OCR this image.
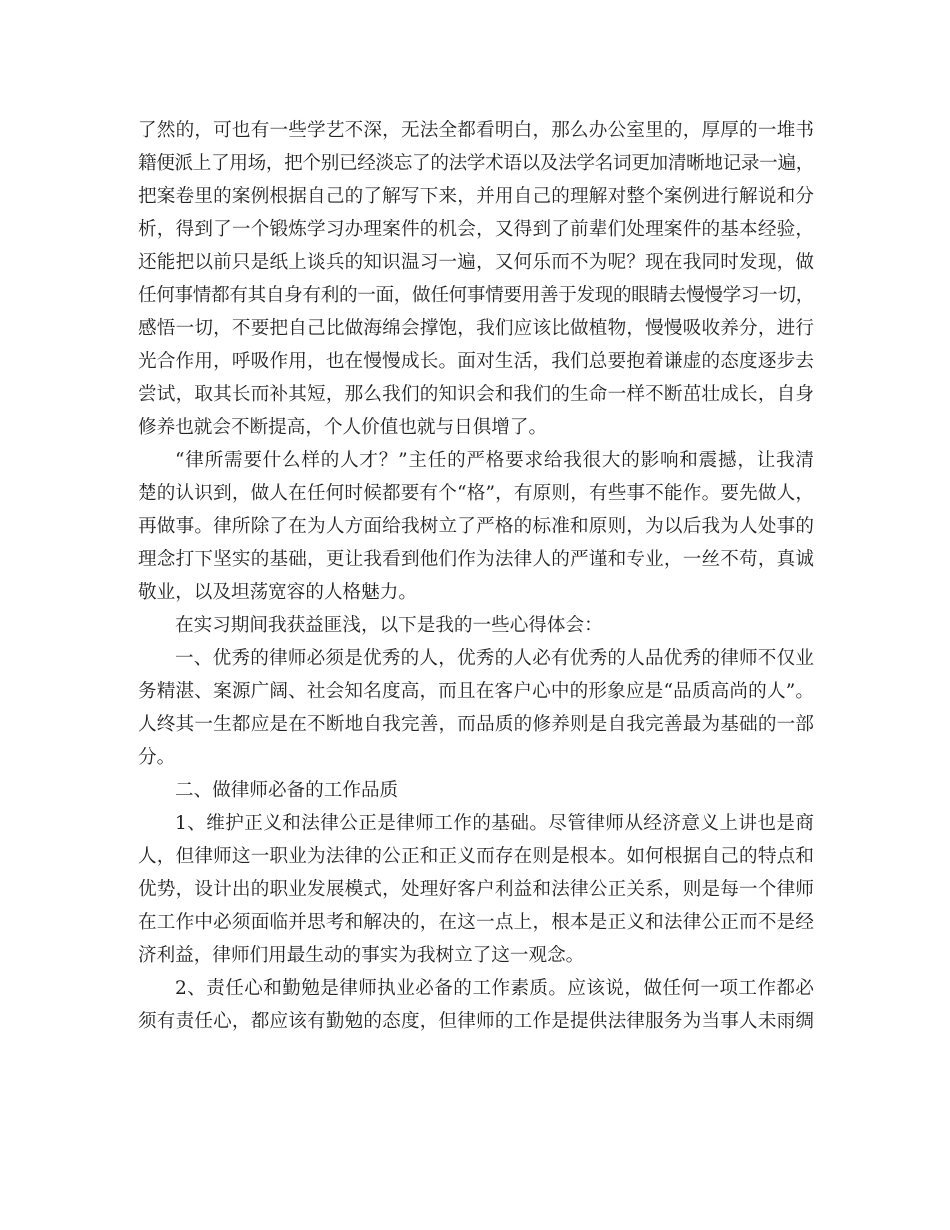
了然的，可也有一些学艺不深，无法全都看明白，那么办公室里的，厚厚的一堆书
籍便派上了用场，把个别已经淡忘了的法学术语以及法学名词更加清晰地记录一遍，
把案卷里的案例根据自己的了解写下来，并用自己的理解对整个案例进行解说和分
析，得到了一个锻炼学习办理案件的机会，又得到了前辈们处理案件的基本经验，
还能把以前只是纸上谈兵的知识温习一遍，又何乐而不为呢？现在我同时发现，做
任何事情都有其自身有利的一面，做任何事情要用善于发现的眼睛去慢慢学习一切，
感悟一切，不要把自己比做海绵会撑饱，我们应该比做植物，慢慢吸收养分，进行
光合作用，呼吸作用，也在慢慢成长。面对生活，我们总要抱着谦虚的态度逐步去
尝试，取其长而补其短，那么我们的知识会和我们的生命一样不断茁壮成长，自身
修养也就会不断提高，个人价值也就与日俱增了。
“律所需要什么样的人才？”主任的严格要求给我很大的影响和震撼，让我清
楚的认识到，做人在任何时候都要有个“格”，有原则，有些事不能作。要先做人，
再做事。律所除了在为人方面给我树立了严格的标准和原则，为以后我为人处事的
理念打下坚实的基础，更让我看到他们作为法律人的严谨和专业，一丝不苟，真诚
敬业，以及坦荡宽容的人格魅力。
在实习期间我获益匪浅，以下是我的一些心得体会：
一、优秀的律师必须是优秀的人，优秀的人必有优秀的人品优秀的律师不仅业
务精湛、案源广阔、社会知名度高，而且在客户心中的形象应是“品质高尚的人”。
人终其一生都应是在不断地自我完善，而品质的修养则是自我完善最为基础的一部
分。
二、做律师必备的工作品质
1、维护正义和法律公正是律师工作的基础。尽管律师从经济意义上讲也是商
人，但律师这一职业为法律的公正和正义而存在则是根本。如何根据自己的特点和
优势，设计出的职业发展模式，处理好客户利益和法律公正关系，则是每一个律师
在工作中必须面临并思考和解决的，在这一点上，根本是正义和法律公正而不是经
济利益，律师们用最生动的事实为我树立了这一观念。
2、责任心和勤勉是律师执业必备的工作素质。应该说，做任何一项工作都必
须有责任心，都应该有勤勉的态度，但律师的工作是提供法律服务为当事人未雨绸
